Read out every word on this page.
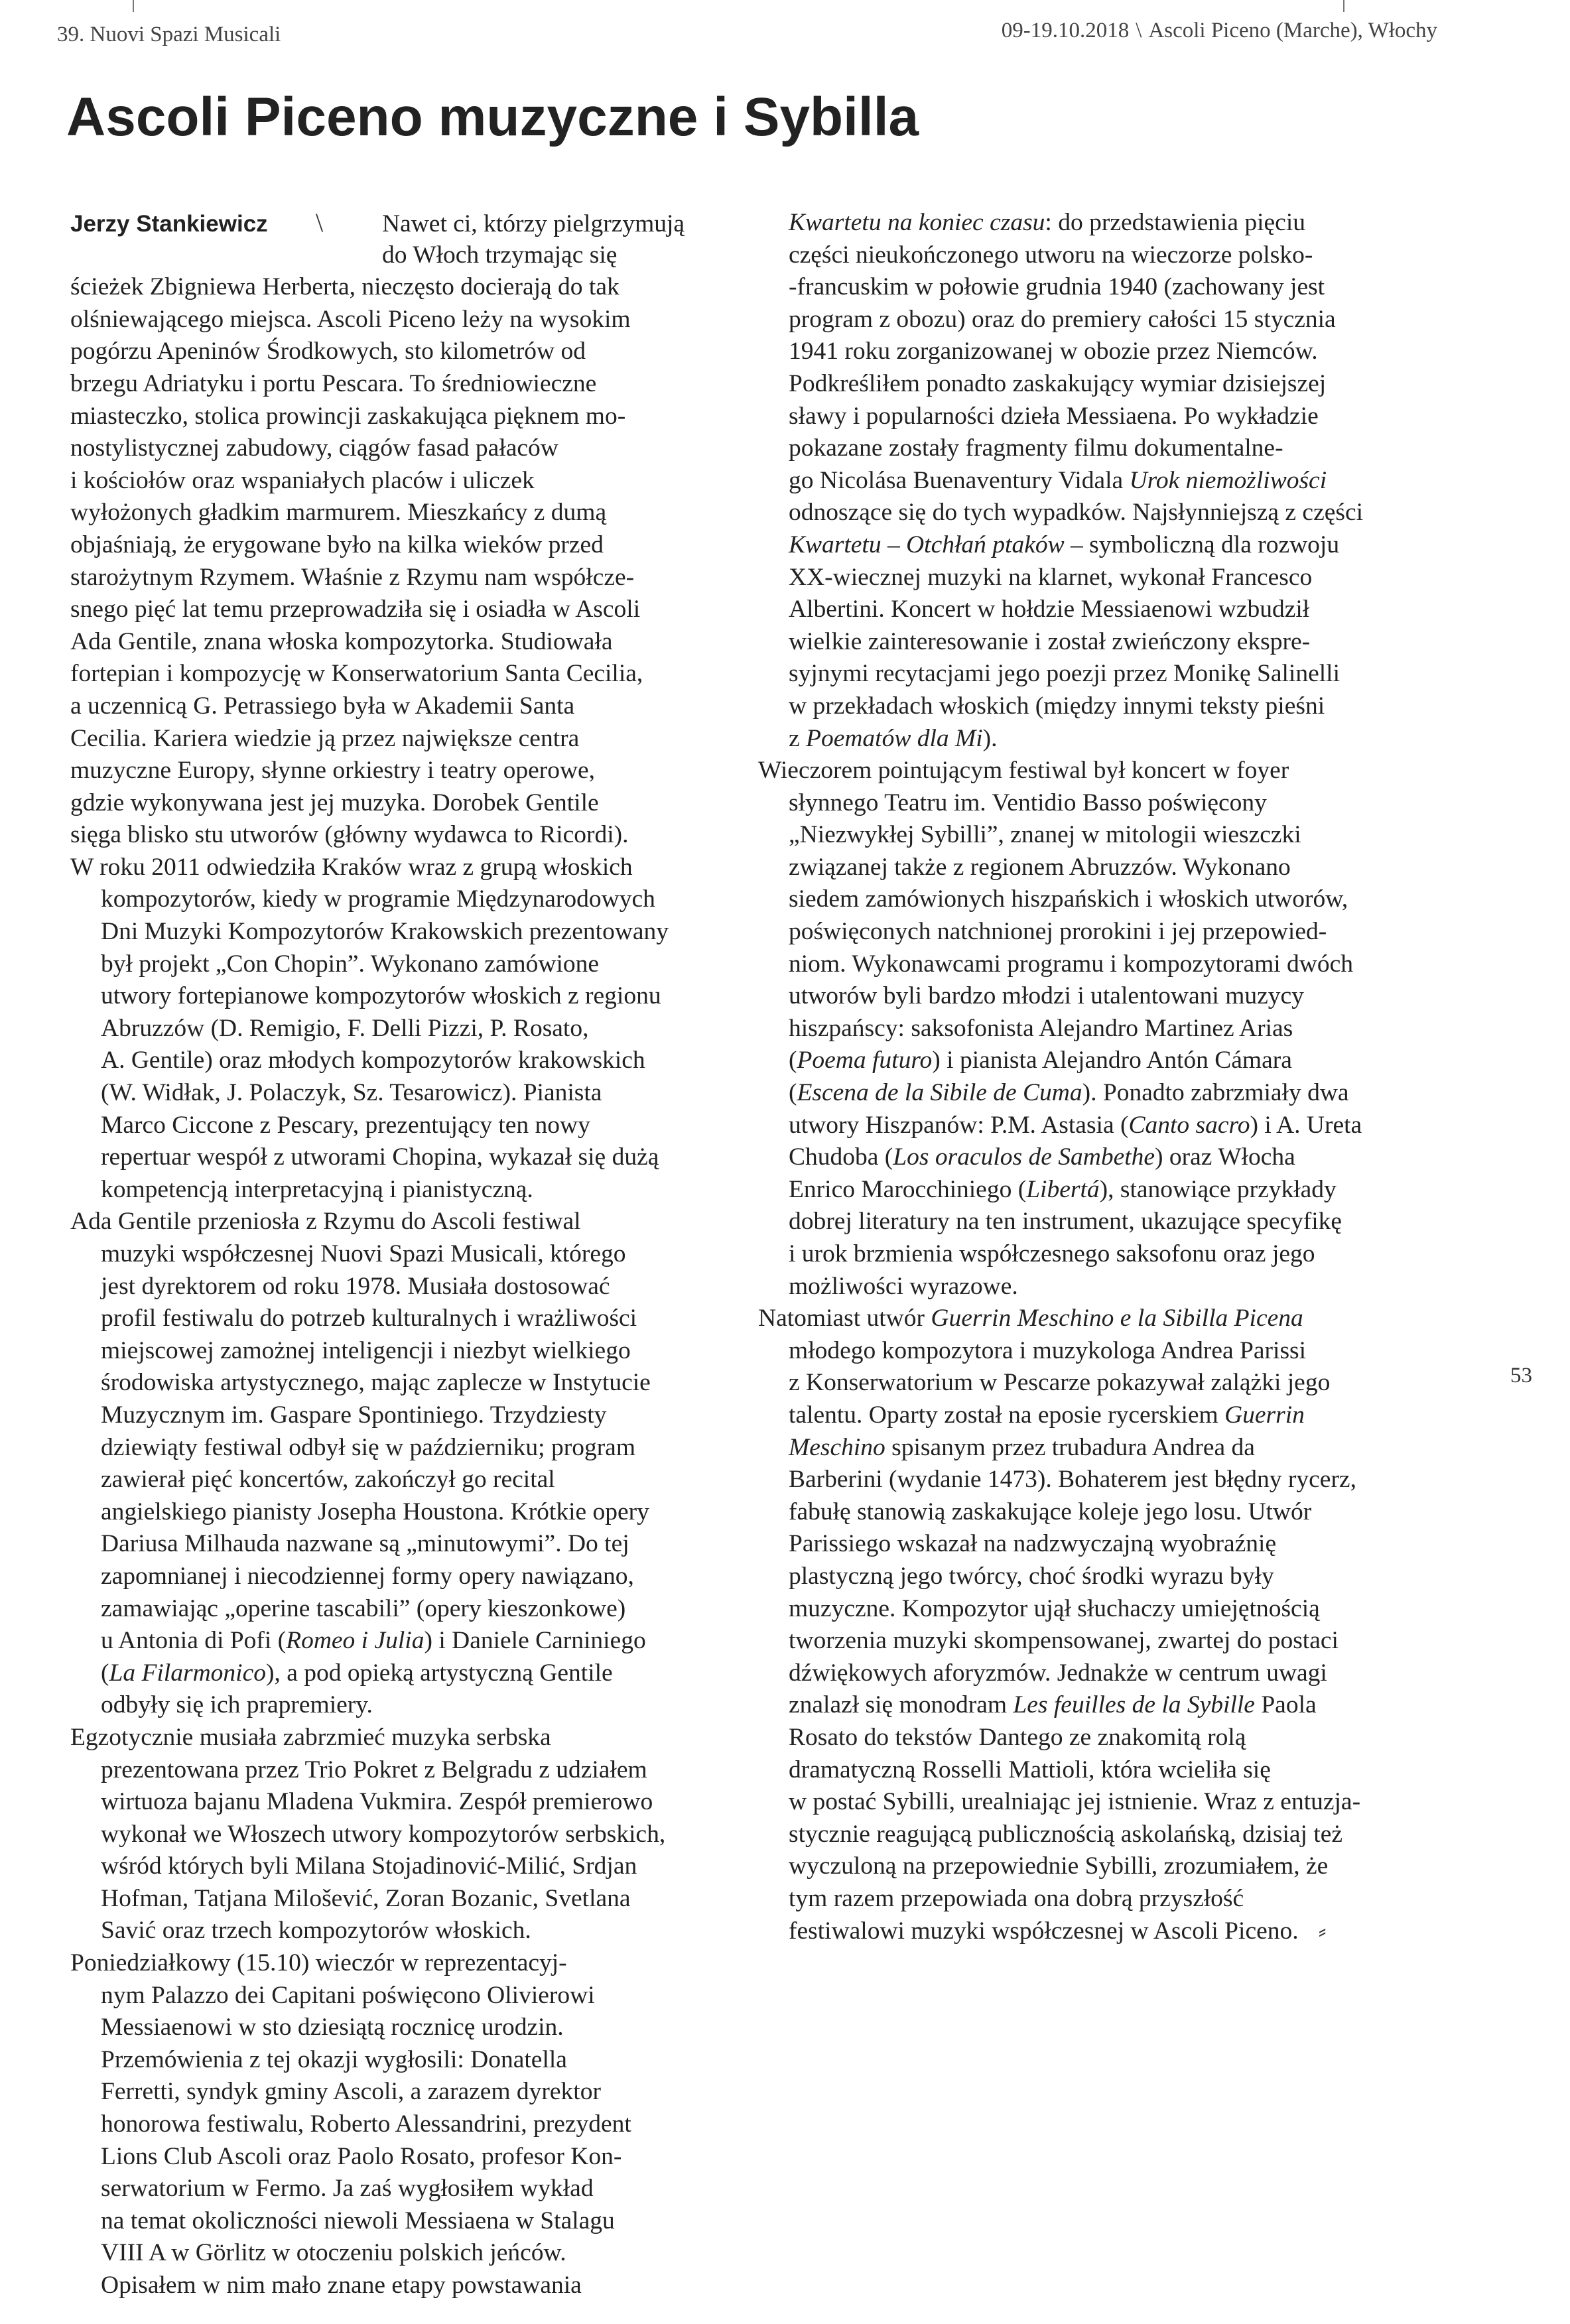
39. Nuovi Spazi Musicali	09-19.10.2018 \ Ascoli Piceno (Marche), Włochy
Ascoli Piceno muzyczne i Sybilla
Jerzy Stankiewicz	\	Nawet ci, którzy pielgrzymują
do Włoch trzymając się
ścieżek Zbigniewa Herberta, nieczęsto docierają do tak
olśniewającego miejsca. Ascoli Piceno leży na wysokim
pogórzu Apeninów Środkowych, sto kilometrów od
brzegu Adriatyku i portu Pescara. To średniowieczne
miasteczko, stolica prowincji zaskakująca pięknem mo-
nostylistycznej zabudowy, ciągów fasad pałaców
i kościołów oraz wspaniałych placów i uliczek
wyłożonych gładkim marmurem. Mieszkańcy z dumą
objaśniają, że erygowane było na kilka wieków przed
starożytnym Rzymem. Właśnie z Rzymu nam współcze-
snego pięć lat temu przeprowadziła się i osiadła w Ascoli
Ada Gentile, znana włoska kompozytorka. Studiowała
fortepian i kompozycję w Konserwatorium Santa Cecilia,
a uczennicą G. Petrassiego była w Akademii Santa
Cecilia. Kariera wiedzie ją przez największe centra
muzyczne Europy, słynne orkiestry i teatry operowe,
gdzie wykonywana jest jej muzyka. Dorobek Gentile
sięga blisko stu utworów (główny wydawca to Ricordi).
W roku 2011 odwiedziła Kraków wraz z grupą włoskich
kompozytorów, kiedy w programie Międzynarodowych
Dni Muzyki Kompozytorów Krakowskich prezentowany
był projekt „Con Chopin”. Wykonano zamówione
utwory fortepianowe kompozytorów włoskich z regionu
Abruzzów (D. Remigio, F. Delli Pizzi, P. Rosato,
A. Gentile) oraz młodych kompozytorów krakowskich
(W. Widłak, J. Polaczyk, Sz. Tesarowicz). Pianista
Marco Ciccone z Pescary, prezentujący ten nowy
repertuar wespół z utworami Chopina, wykazał się dużą
kompetencją interpretacyjną i pianistyczną.
Ada Gentile przeniosła z Rzymu do Ascoli festiwal
muzyki współczesnej Nuovi Spazi Musicali, którego
jest dyrektorem od roku 1978. Musiała dostosować
profil festiwalu do potrzeb kulturalnych i wrażliwości
miejscowej zamożnej inteligencji i niezbyt wielkiego
środowiska artystycznego, mając zaplecze w Instytucie
Muzycznym im. Gaspare Spontiniego. Trzydziesty
dziewiąty festiwal odbył się w październiku; program
zawierał pięć koncertów, zakończył go recital
angielskiego pianisty Josepha Houstona. Krótkie opery
Dariusa Milhauda nazwane są „minutowymi”. Do tej
zapomnianej i niecodziennej formy opery nawiązano,
zamawiając „operine tascabili” (opery kieszonkowe)
u Antonia di Pofi (Romeo i Julia) i Daniele Carniniego
(La Filarmonico), a pod opieką artystyczną Gentile
odbyły się ich prapremiery.
Egzotycznie musiała zabrzmieć muzyka serbska
prezentowana przez Trio Pokret z Belgradu z udziałem
wirtuoza bajanu Mladena Vukmira. Zespół premierowo
wykonał we Włoszech utwory kompozytorów serbskich,
wśród których byli Milana Stojadinović-Milić, Srdjan
Hofman, Tatjana Milošević, Zoran Bozanic, Svetlana
Savić oraz trzech kompozytorów włoskich.
Poniedziałkowy (15.10) wieczór w reprezentacyj-
nym Palazzo dei Capitani poświęcono Olivierowi
Messiaenowi w sto dziesiątą rocznicę urodzin.
Przemówienia z tej okazji wygłosili: Donatella
Ferretti, syndyk gminy Ascoli, a zarazem dyrektor
honorowa festiwalu, Roberto Alessandrini, prezydent
Lions Club Ascoli oraz Paolo Rosato, profesor Kon-
serwatorium w Fermo. Ja zaś wygłosiłem wykład
na temat okoliczności niewoli Messiaena w Stalagu
VIII A w Görlitz w otoczeniu polskich jeńców.
Opisałem w nim mało znane etapy powstawania
Kwartetu na koniec czasu: do przedstawienia pięciu
części nieukończonego utworu na wieczorze polsko-
-francuskim w połowie grudnia 1940 (zachowany jest
program z obozu) oraz do premiery całości 15 stycznia
1941 roku zorganizowanej w obozie przez Niemców.
Podkreśliłem ponadto zaskakujący wymiar dzisiejszej
sławy i popularności dzieła Messiaena. Po wykładzie
pokazane zostały fragmenty filmu dokumentalne-
go Nicolása Buenaventury Vidala Urok niemożliwości
odnoszące się do tych wypadków. Najsłynniejszą z części
Kwartetu – Otchłań ptaków – symboliczną dla rozwoju
XX-wiecznej muzyki na klarnet, wykonał Francesco
Albertini. Koncert w hołdzie Messiaenowi wzbudził
wielkie zainteresowanie i został zwieńczony ekspre-
syjnymi recytacjami jego poezji przez Monikę Salinelli
w przekładach włoskich (między innymi teksty pieśni
z Poematów dla Mi).
Wieczorem pointującym festiwal był koncert w foyer
słynnego Teatru im. Ventidio Basso poświęcony
„Niezwykłej Sybilli”, znanej w mitologii wieszczki
związanej także z regionem Abruzzów. Wykonano
siedem zamówionych hiszpańskich i włoskich utworów,
poświęconych natchnionej prorokini i jej przepowied-
niom. Wykonawcami programu i kompozytorami dwóch
utworów byli bardzo młodzi i utalentowani muzycy
hiszpańscy: saksofonista Alejandro Martinez Arias
(Poema futuro) i pianista Alejandro Antón Cámara
(Escena de la Sibile de Cuma). Ponadto zabrzmiały dwa
utwory Hiszpanów: P.M. Astasia (Canto sacro) i A. Ureta
Chudoba (Los oraculos de Sambethe) oraz Włocha
Enrico Marocchiniego (Libertá), stanowiące przykłady
dobrej literatury na ten instrument, ukazujące specyfikę
i urok brzmienia współczesnego saksofonu oraz jego
możliwości wyrazowe.
Natomiast utwór Guerrin Meschino e la Sibilla Picena
młodego kompozytora i muzykologa Andrea Parissi
z Konserwatorium w Pescarze pokazywał zalążki jego
talentu. Oparty został na eposie rycerskiem Guerrin
Meschino spisanym przez trubadura Andrea da
Barberini (wydanie 1473). Bohaterem jest błędny rycerz,
fabułę stanowią zaskakujące koleje jego losu. Utwór
Parissiego wskazał na nadzwyczajną wyobraźnię
plastyczną jego twórcy, choć środki wyrazu były
muzyczne. Kompozytor ujął słuchaczy umiejętnością
tworzenia muzyki skompensowanej, zwartej do postaci
dźwiękowych aforyzmów. Jednakże w centrum uwagi
znalazł się monodram Les feuilles de la Sybille Paola
Rosato do tekstów Dantego ze znakomitą rolą
dramatyczną Rosselli Mattioli, która wcieliła się
w postać Sybilli, urealniając jej istnienie. Wraz z entuzja-
stycznie reagującą publicznością askolańską, dzisiaj też
wyczuloną na przepowiednie Sybilli, zrozumiałem, że
tym razem przepowiada ona dobrą przyszłość
festiwalowi muzyki współczesnej w Ascoli Piceno. ⸗
53
